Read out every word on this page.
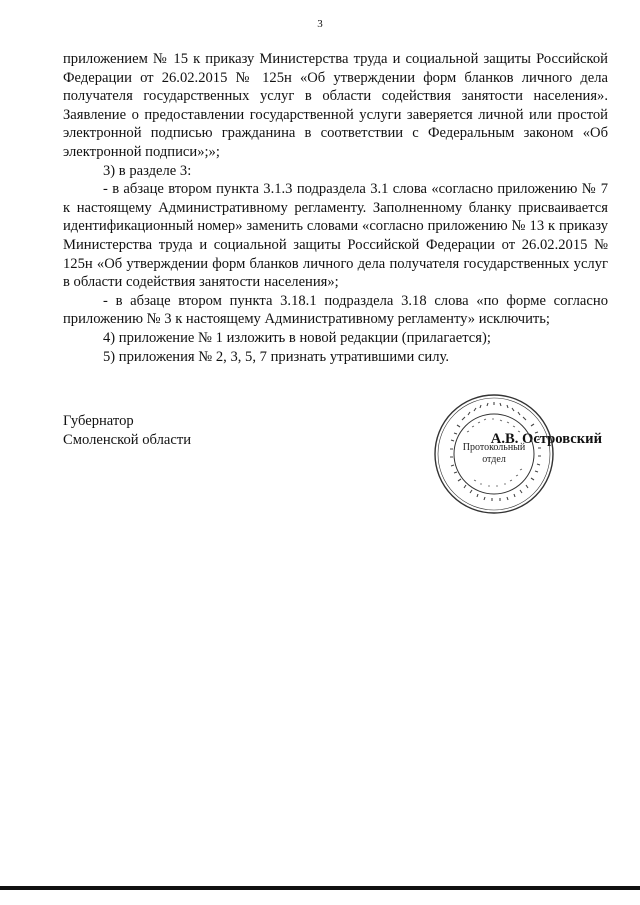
3

приложением № 15 к приказу Министерства труда и социальной защиты Российской Федерации от 26.02.2015 № 125н «Об утверждении форм бланков личного дела получателя государственных услуг в области содействия занятости населения». Заявление о предоставлении государственной услуги заверяется личной или простой электронной подписью гражданина в соответствии с Федеральным законом «Об электронной подписи»;»;

3) в разделе 3:

- в абзаце втором пункта 3.1.3 подраздела 3.1 слова «согласно приложению № 7 к настоящему Административному регламенту. Заполненному бланку присваивается идентификационный номер» заменить словами «согласно приложению № 13 к приказу Министерства труда и социальной защиты Российской Федерации от 26.02.2015 № 125н «Об утверждении форм бланков личного дела получателя государственных услуг в области содействия занятости населения»;

- в абзаце втором пункта 3.18.1 подраздела 3.18 слова «по форме согласно приложению № 3 к настоящему Административному регламенту» исключить;

4) приложение № 1 изложить в новой редакции (прилагается);

5) приложения № 2, 3, 5, 7 признать утратившими силу.

Губернатор

Смоленской области	А.В. Островский
Протокольный
отдел
